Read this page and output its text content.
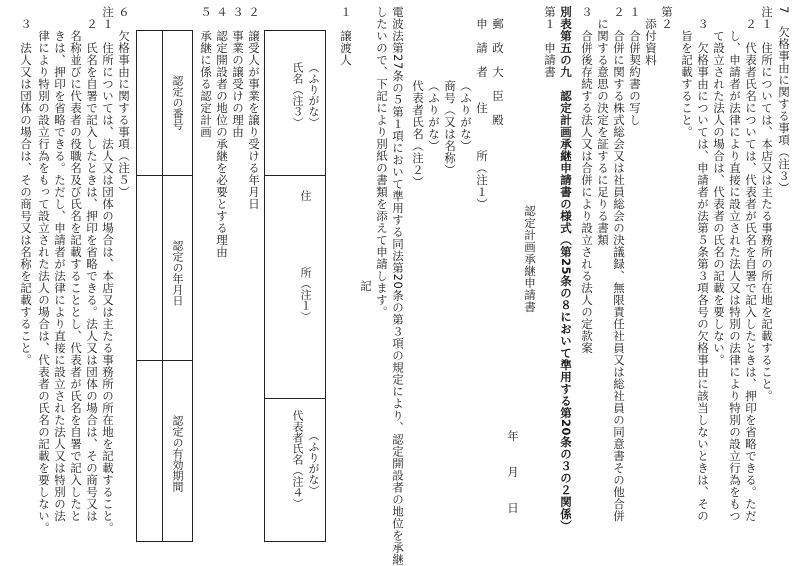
7　欠格事由に関する事項（注３）
注１　住所については、本店又は主たる事務所の所在地を記載すること。
２　代表者氏名については、代表者が氏名を自署で記入したときは、押印を省略できる。ただ
し、申請者が法律により直接に設立された法人又は特別の法律により特別の設立行為をもつ
て設立された法人の場合は、代表者の氏名の記載を要しない。
３　欠格事由については、申請者が法第５条第３項各号の欠格事由に該当しないときは、その
旨を記載すること。
第２
添付資料
１　合併契約書の写し
２　合併に関する株式総会又は社員総会の決議録、無限責任社員又は総社員の同意書その他合併
に関する意思の決定を証するに足りる書類
３　合併後存続する法人又は合併により設立される法人の定款案
別表第五の九　認定計画承継申請書の様式（第25条の８において準用する第20条の３の２関係）
第１　申請書
認定計画承継申請書
年　　月　　日
郵　政　大　臣　殿
申　請　者　　住　　　所（注１）
（ふりがな）
商号（又は名称）
（ふりがな）
代表者氏名（注２）
電波法第27条の５第１項において準用する同法第20条の第３項の規定により、認定開設者の地位を承継
したいので、下記により別紙の書類を添えて申請します。
記
１　譲渡人
（ふりがな）
氏名（注３）
住　　　　　　所（注１）
（ふりがな）
代表者氏名（注４）
２　譲受人が事業を譲り受ける年月日
３　事業の譲受けの理由
４　認定開設者の地位の承継を必要とする理由
５　承継に係る認定計画
認定の番号
認定の年月日
認定の有効期間
６　欠格事由に関する事項（注５）
注１　住所については、法人又は団体の場合は、本店又は主たる事務所の所在地を記載すること。
２　氏名を自署で記入したときは、押印を省略できる。法人又は団体の場合は、その商号又は
名称並びに代表者の役職名及び氏名を記載することとし、代表者が氏名を自署で記入したと
きは、押印を省略できる。ただし、申請者が法律により直接に設立された法人又は特別の法
律により特別の設立行為をもって設立された法人の場合は、代表者の氏名の記載を要しない。
３　法人又は団体の場合は、その商号又は名称を記載すること。
